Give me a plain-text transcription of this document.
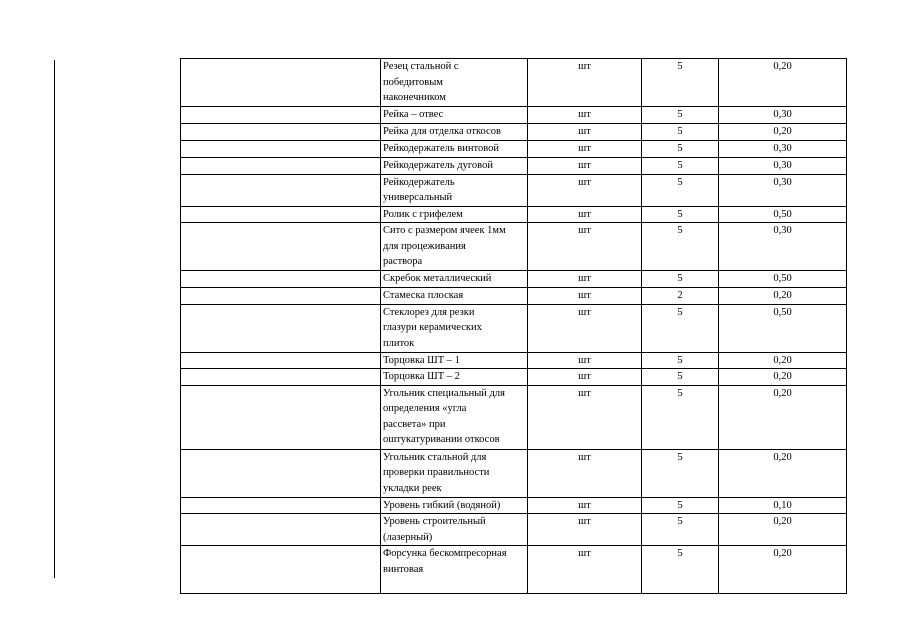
	Резец стальной с
победитовым
наконечником	шт	5	0,20
	Рейка – отвес	шт	5	0,30
	Рейка для отделка откосов	шт	5	0,20
	Рейкодержатель винтовой	шт	5	0,30
	Рейкодержатель дуговой	шт	5	0,30
	Рейкодержатель
универсальный	шт	5	0,30
	Ролик с грифелем	шт	5	0,50
	Сито с размером ячеек 1мм
для процеживания
раствора	шт	5	0,30
	Скребок металлический	шт	5	0,50
	Стамеска плоская	шт	2	0,20
	Стеклорез для резки
глазури керамических
плиток	шт	5	0,50
	Торцовка ШТ – 1	шт	5	0,20
	Торцовка ШТ – 2	шт	5	0,20
	Угольник специальный для
определения «угла
рассвета» при
оштукатуривании откосов	шт	5	0,20
	Угольник стальной для
проверки правильности
укладки реек	шт	5	0,20
	Уровень гибкий (водяной)	шт	5	0,10
	Уровень строительный
(лазерный)	шт	5	0,20
	Форсунка бескомпресорная
винтовая	шт	5	0,20
